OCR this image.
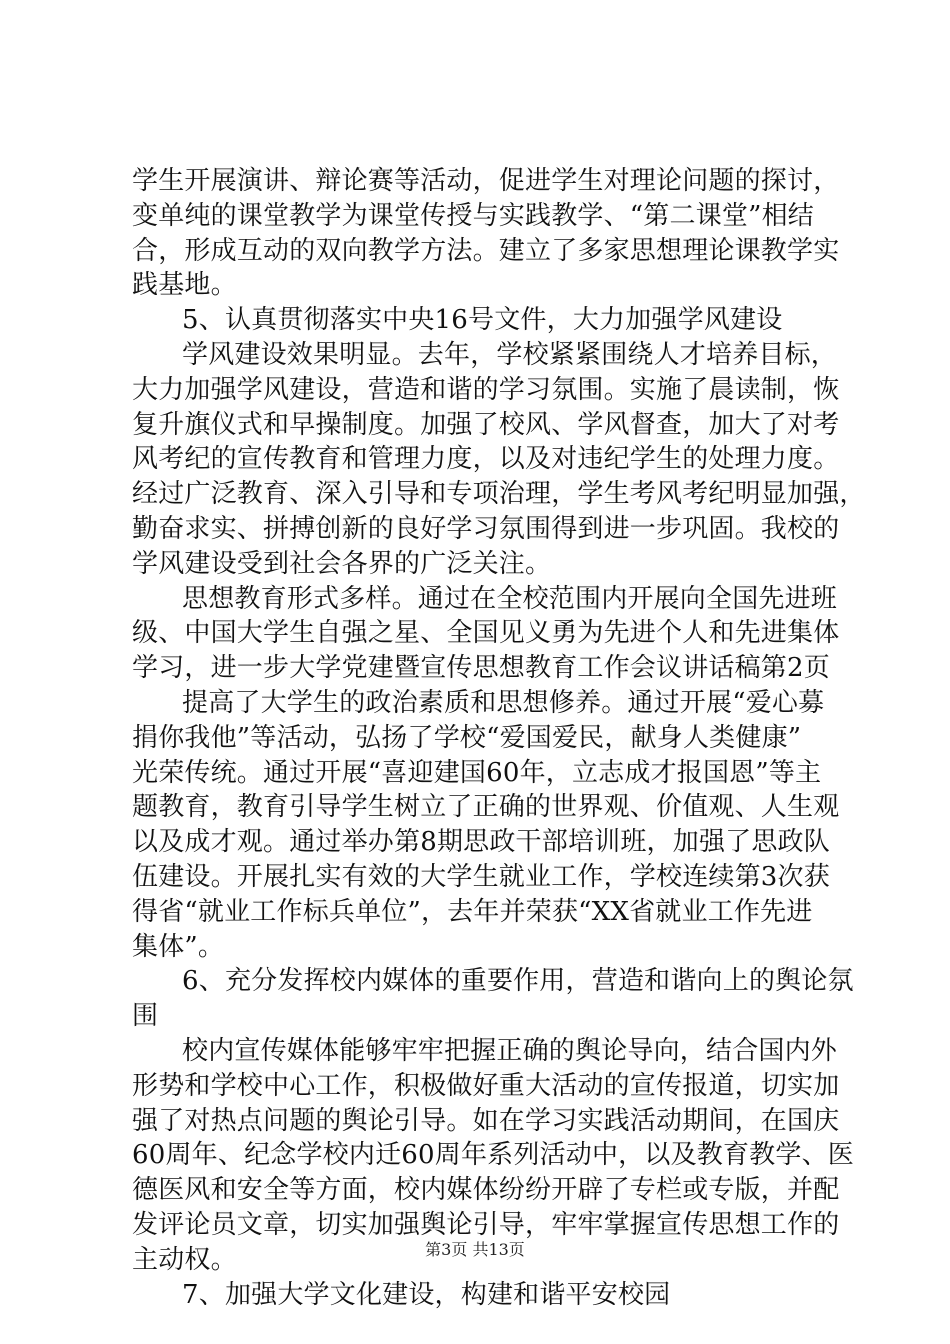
学生开展演讲、辩论赛等活动，促进学生对理论问题的探讨，
变单纯的课堂教学为课堂传授与实践教学、“第二课堂”相结
合，形成互动的双向教学方法。建立了多家思想理论课教学实
践基地。
5、认真贯彻落实中央16号文件，大力加强学风建设
学风建设效果明显。去年，学校紧紧围绕人才培养目标，
大力加强学风建设，营造和谐的学习氛围。实施了晨读制，恢
复升旗仪式和早操制度。加强了校风、学风督查，加大了对考
风考纪的宣传教育和管理力度，以及对违纪学生的处理力度。
经过广泛教育、深入引导和专项治理，学生考风考纪明显加强，
勤奋求实、拼搏创新的良好学习氛围得到进一步巩固。我校的
学风建设受到社会各界的广泛关注。
思想教育形式多样。通过在全校范围内开展向全国先进班
级、中国大学生自强之星、全国见义勇为先进个人和先进集体
学习，进一步大学党建暨宣传思想教育工作会议讲话稿第2页
提高了大学生的政治素质和思想修养。通过开展“爱心募
捐你我他”等活动，弘扬了学校“爱国爱民，献身人类健康”
光荣传统。通过开展“喜迎建国60年，立志成才报国恩”等主
题教育，教育引导学生树立了正确的世界观、价值观、人生观
以及成才观。通过举办第8期思政干部培训班，加强了思政队
伍建设。开展扎实有效的大学生就业工作，学校连续第3次获
得省“就业工作标兵单位”，去年并荣获“XX省就业工作先进
集体”。
6、充分发挥校内媒体的重要作用，营造和谐向上的舆论氛
围
校内宣传媒体能够牢牢把握正确的舆论导向，结合国内外
形势和学校中心工作，积极做好重大活动的宣传报道，切实加
强了对热点问题的舆论引导。如在学习实践活动期间，在国庆
60周年、纪念学校内迁60周年系列活动中，以及教育教学、医
德医风和安全等方面，校内媒体纷纷开辟了专栏或专版，并配
发评论员文章，切实加强舆论引导，牢牢掌握宣传思想工作的
主动权。
7、加强大学文化建设，构建和谐平安校园
第3页 共13页
